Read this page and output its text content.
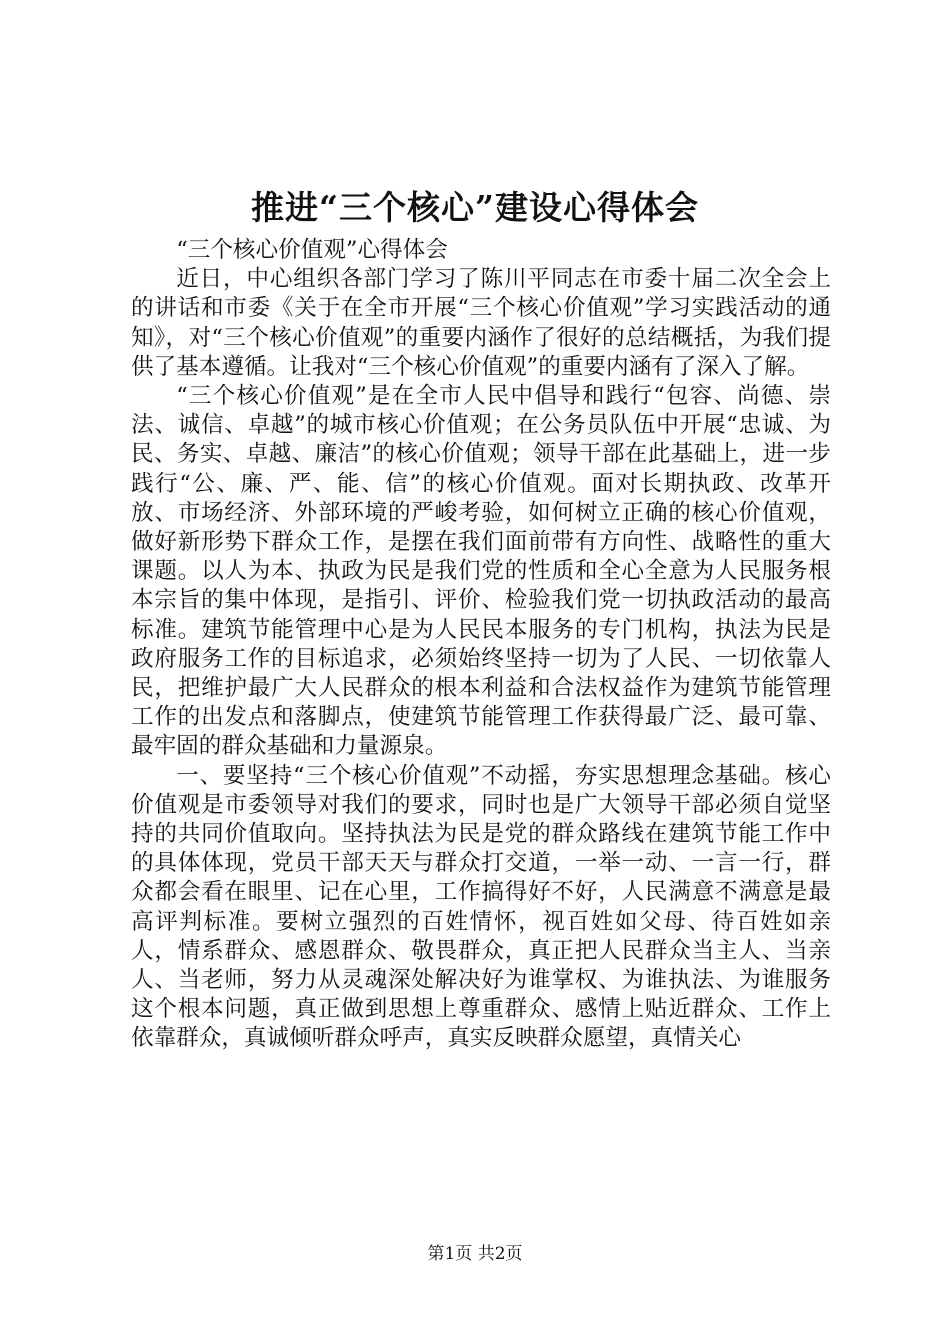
推进“三个核心”建设心得体会

“三个核心价值观”心得体会

近日，中心组织各部门学习了陈川平同志在市委十届二次全会上的讲话和市委《关于在全市开展“三个核心价值观”学习实践活动的通知》，对“三个核心价值观”的重要内涵作了很好的总结概括，为我们提供了基本遵循。让我对“三个核心价值观”的重要内涵有了深入了解。

“三个核心价值观”是在全市人民中倡导和践行“包容、尚德、崇法、诚信、卓越”的城市核心价值观；在公务员队伍中开展“忠诚、为民、务实、卓越、廉洁”的核心价值观；领导干部在此基础上，进一步践行“公、廉、严、能、信”的核心价值观。面对长期执政、改革开放、市场经济、外部环境的严峻考验，如何树立正确的核心价值观，做好新形势下群众工作，是摆在我们面前带有方向性、战略性的重大课题。以人为本、执政为民是我们党的性质和全心全意为人民服务根本宗旨的集中体现，是指引、评价、检验我们党一切执政活动的最高标准。建筑节能管理中心是为人民民本服务的专门机构，执法为民是政府服务工作的目标追求，必须始终坚持一切为了人民、一切依靠人民，把维护最广大人民群众的根本利益和合法权益作为建筑节能管理工作的出发点和落脚点，使建筑节能管理工作获得最广泛、最可靠、最牢固的群众基础和力量源泉。

一、要坚持“三个核心价值观”不动摇，夯实思想理念基础。核心价值观是市委领导对我们的要求，同时也是广大领导干部必须自觉坚持的共同价值取向。坚持执法为民是党的群众路线在建筑节能工作中的具体体现，党员干部天天与群众打交道，一举一动、一言一行，群众都会看在眼里、记在心里，工作搞得好不好，人民满意不满意是最高评判标准。要树立强烈的百姓情怀，视百姓如父母、待百姓如亲人，情系群众、感恩群众、敬畏群众，真正把人民群众当主人、当亲人、当老师，努力从灵魂深处解决好为谁掌权、为谁执法、为谁服务这个根本问题，真正做到思想上尊重群众、感情上贴近群众、工作上依靠群众，真诚倾听群众呼声，真实反映群众愿望，真情关心

第1页 共2页
